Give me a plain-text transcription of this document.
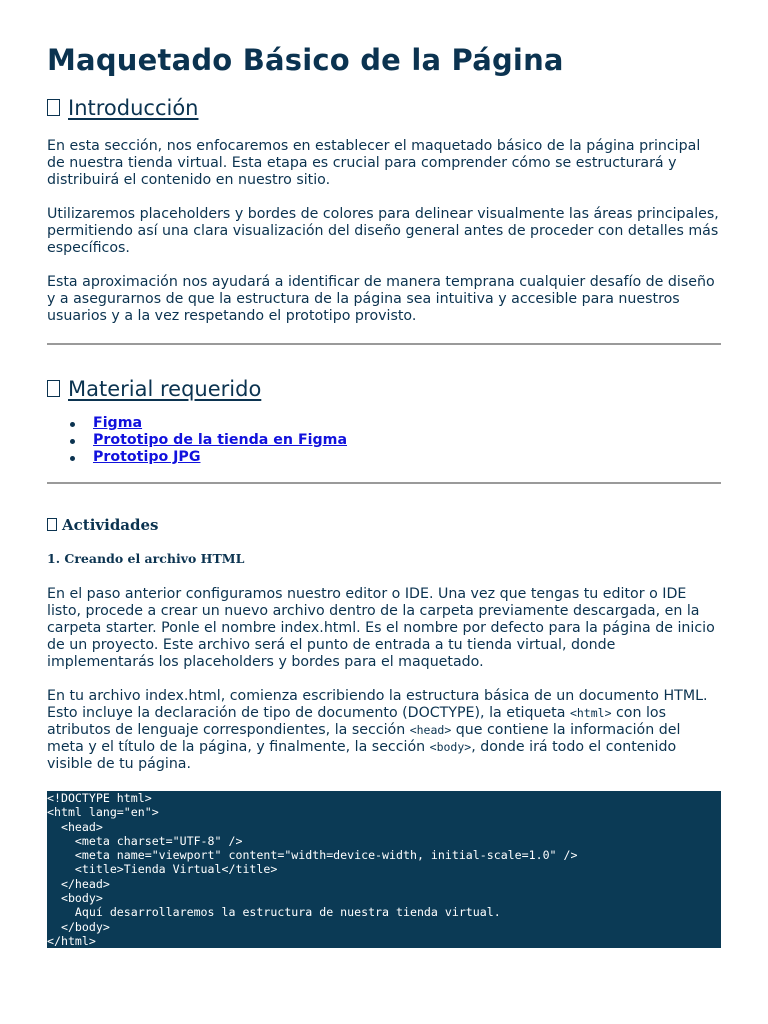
Maquetado Básico de la Página
Introducción

En esta sección, nos enfocaremos en establecer el maquetado básico de la página principal de nuestra tienda virtual. Esta etapa es crucial para comprender cómo se estructurará y distribuirá el contenido en nuestro sitio.

Utilizaremos placeholders y bordes de colores para delinear visualmente las áreas principales, permitiendo así una clara visualización del diseño general antes de proceder con detalles más específicos.

Esta aproximación nos ayudará a identificar de manera temprana cualquier desafío de diseño y a asegurarnos de que la estructura de la página sea intuitiva y accesible para nuestros usuarios y a la vez respetando el prototipo provisto.

Material requerido
Figma
Prototipo de la tienda en Figma
Prototipo JPG
Actividades
1. Creando el archivo HTML

En el paso anterior configuramos nuestro editor o IDE. Una vez que tengas tu editor o IDE listo, procede a crear un nuevo archivo dentro de la carpeta previamente descargada, en la carpeta starter. Ponle el nombre index.html. Es el nombre por defecto para la página de inicio de un proyecto. Este archivo será el punto de entrada a tu tienda virtual, donde implementarás los placeholders y bordes para el maquetado.

En tu archivo index.html, comienza escribiendo la estructura básica de un documento HTML. Esto incluye la declaración de tipo de documento (DOCTYPE), la etiqueta <html> con los atributos de lenguaje correspondientes, la sección <head> que contiene la información del meta y el título de la página, y finalmente, la sección <body>, donde irá todo el contenido visible de tu página.

<!DOCTYPE html>
<html lang="en">
<head>
<meta charset="UTF-8" />
<meta name="viewport" content="width=device-width, initial-scale=1.0" />
<title>Tienda Virtual</title>
</head>
<body>
Aquí desarrollaremos la estructura de nuestra tienda virtual.
</body>
</html>
